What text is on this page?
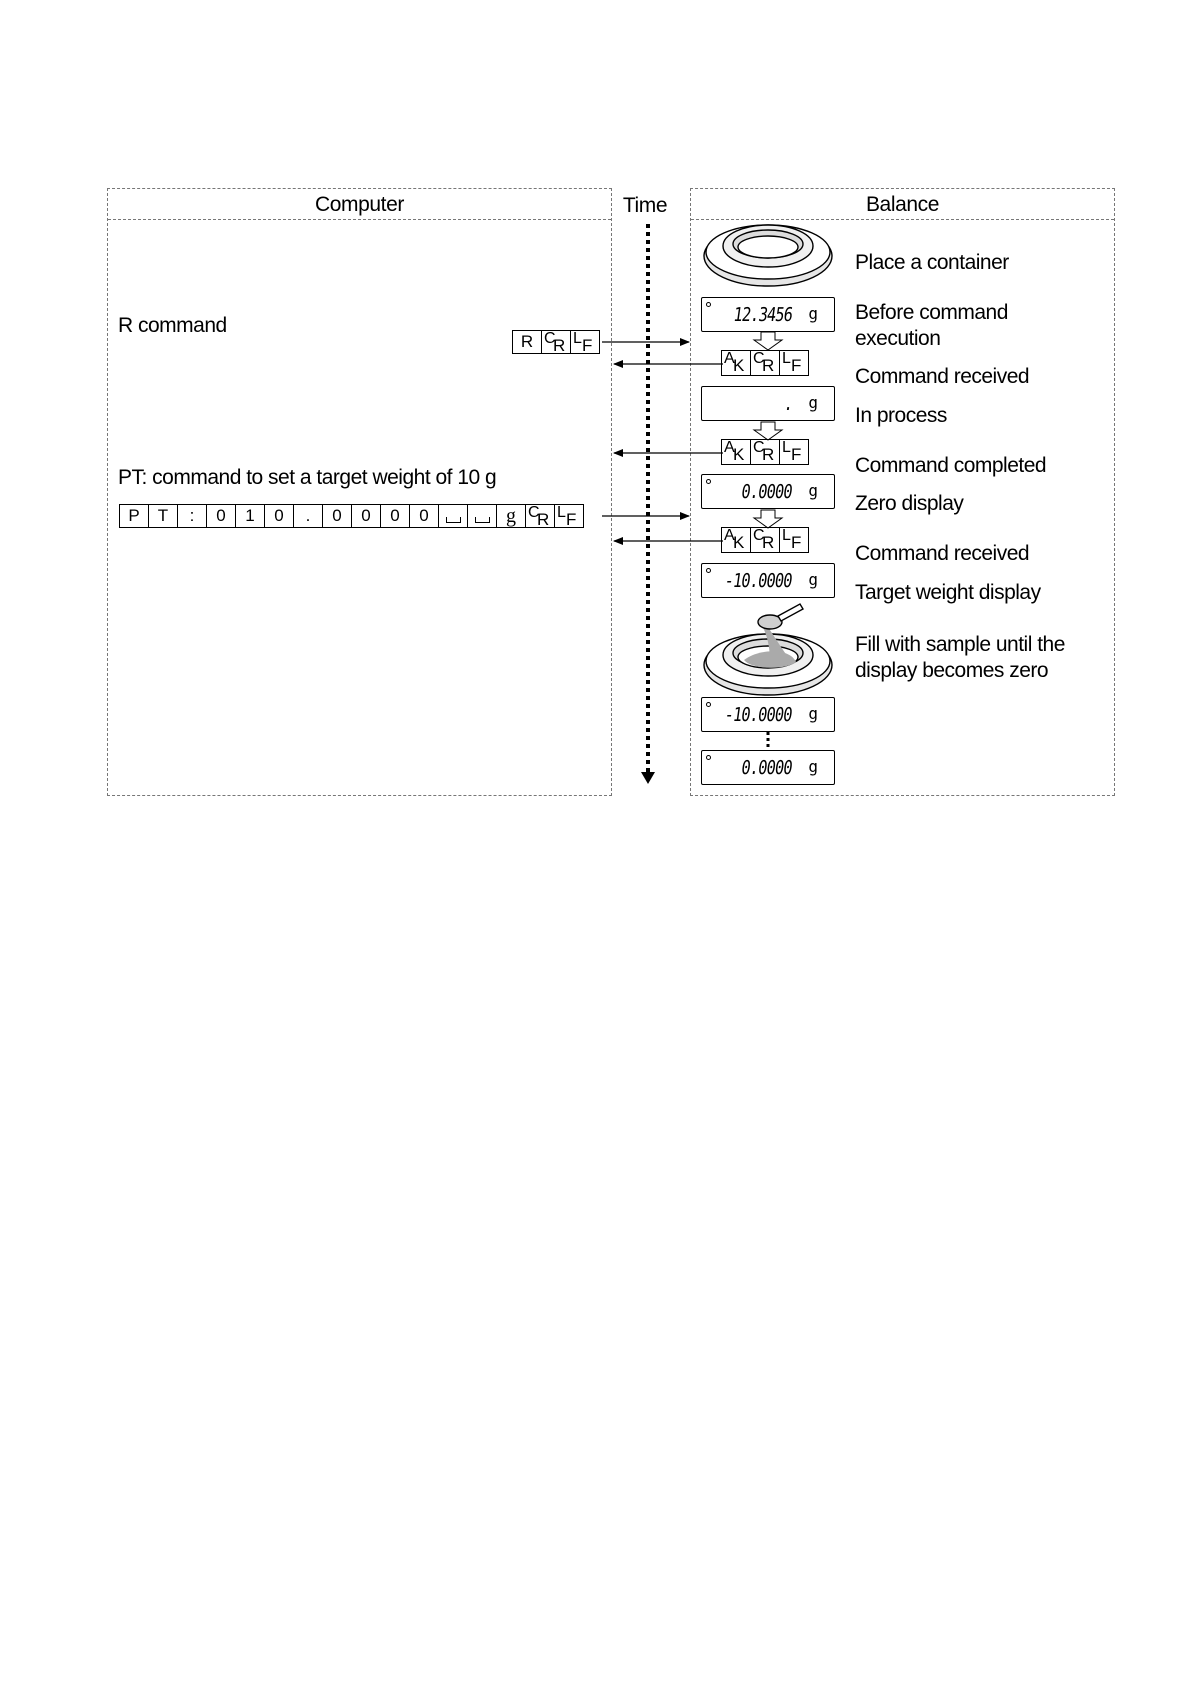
Computer	Time	Balance
R command
R C
R L F
PT: command to set a target weight of 10 g
P	T	:	0	1	0	.	0	0	0	0	g C
R L F
A
K C
R L F
A
K C
R L F
A
K C
R L F
12.3456 g
. g
0.0000 g
-10.0000 g
-10.0000 g
0.0000 g
Place a container
Before command
execution
Command received
In process
Command completed
Zero display
Command received
Target weight display
Fill with sample until the
display becomes zero
